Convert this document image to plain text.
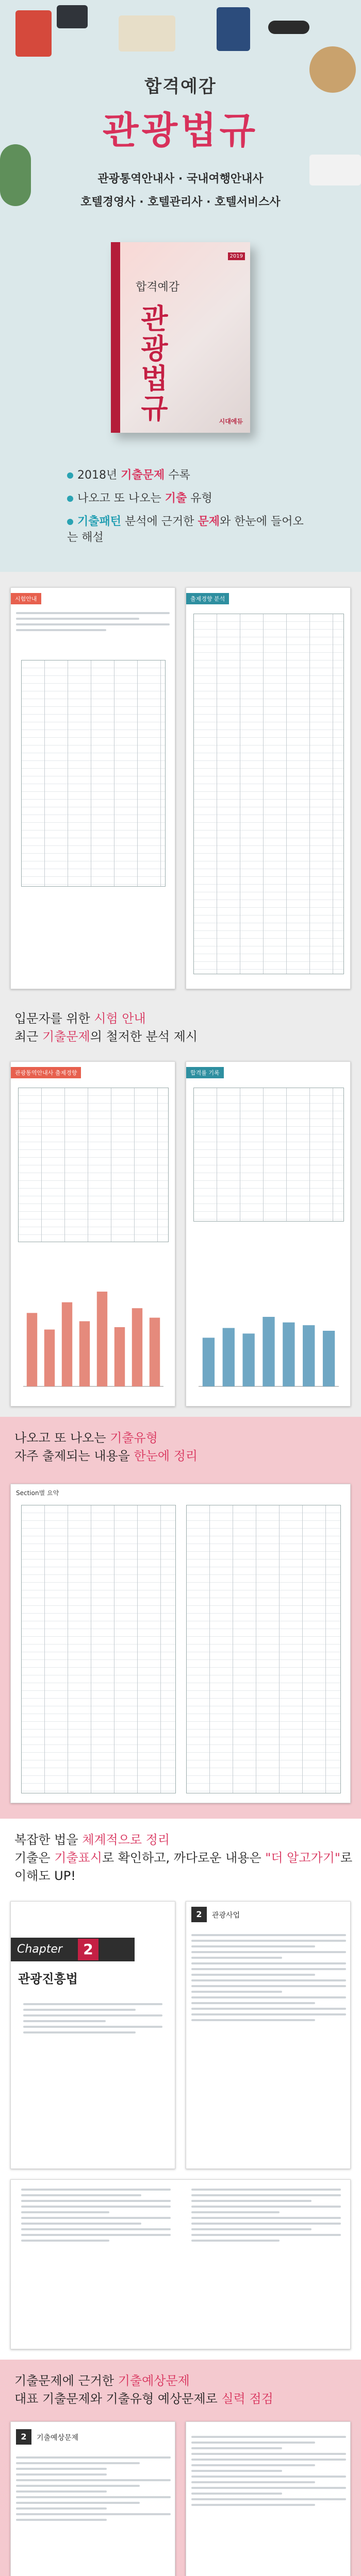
합격예감
관광법규
관광통역안내사 · 국내여행안내사
호텔경영사 · 호텔관리사 · 호텔서비스사
2019
합격예감
관광법규	시대에듀
2018년 기출문제 수록
나오고 또 나오는 기출 유형
기출패턴 분석에 근거한 문제와 한눈에 들어오는 해설
시험안내	출제경향 분석
입문자를 위한 시험 안내
최근 기출문제의 철저한 분석 제시
관광통역안내사 출제경향	합격률 기록
나오고 또 나오는 기출유형
자주 출제되는 내용을 한눈에 정리
Section별 요약
복잡한 법을 체계적으로 정리
기출은 기출표시로 확인하고, 까다로운 내용은 "더 알고가기"로
이해도 UP!
Chapter	2
관광진흥법
2	관광사업
기출문제에 근거한 기출예상문제
대표 기출문제와 기출유형 예상문제로 실력 점검
2	기출예상문제
